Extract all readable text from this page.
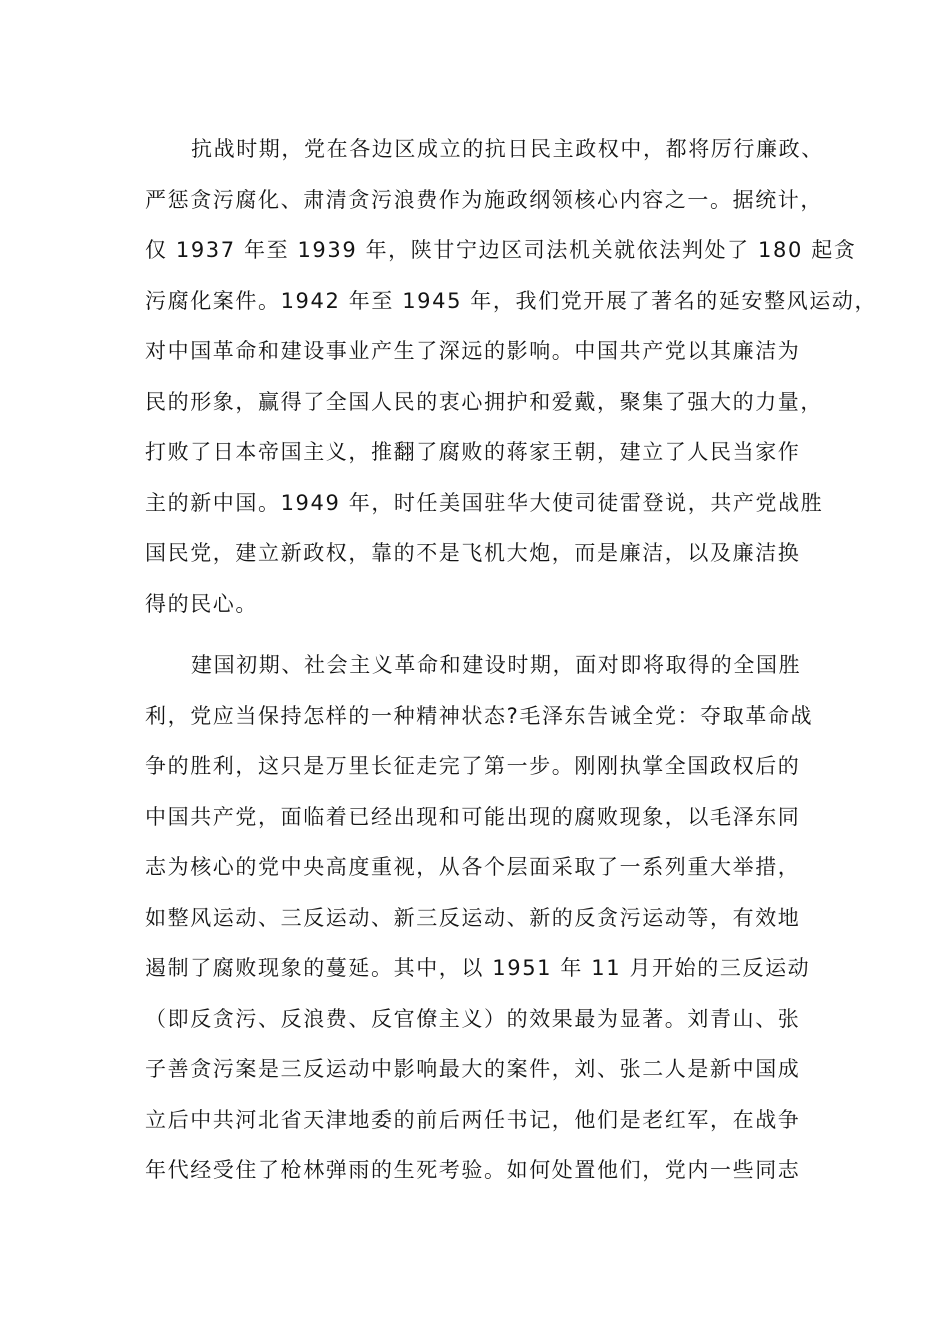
抗战时期，党在各边区成立的抗日民主政权中，都将厉行廉政、
严惩贪污腐化、肃清贪污浪费作为施政纲领核心内容之一。据统计，
仅 1937 年至 1939 年，陕甘宁边区司法机关就依法判处了 180 起贪
污腐化案件。1942 年至 1945 年，我们党开展了著名的延安整风运动，
对中国革命和建设事业产生了深远的影响。中国共产党以其廉洁为
民的形象，赢得了全国人民的衷心拥护和爱戴，聚集了强大的力量，
打败了日本帝国主义，推翻了腐败的蒋家王朝，建立了人民当家作
主的新中国。1949 年，时任美国驻华大使司徒雷登说，共产党战胜
国民党，建立新政权，靠的不是飞机大炮，而是廉洁，以及廉洁换
得的民心。
建国初期、社会主义革命和建设时期，面对即将取得的全国胜
利，党应当保持怎样的一种精神状态?毛泽东告诫全党：夺取革命战
争的胜利，这只是万里长征走完了第一步。刚刚执掌全国政权后的
中国共产党，面临着已经出现和可能出现的腐败现象，以毛泽东同
志为核心的党中央高度重视，从各个层面采取了一系列重大举措，
如整风运动、三反运动、新三反运动、新的反贪污运动等，有效地
遏制了腐败现象的蔓延。其中，以 1951 年 11 月开始的三反运动
（即反贪污、反浪费、反官僚主义）的效果最为显著。刘青山、张
子善贪污案是三反运动中影响最大的案件，刘、张二人是新中国成
立后中共河北省天津地委的前后两任书记，他们是老红军，在战争
年代经受住了枪林弹雨的生死考验。如何处置他们，党内一些同志
